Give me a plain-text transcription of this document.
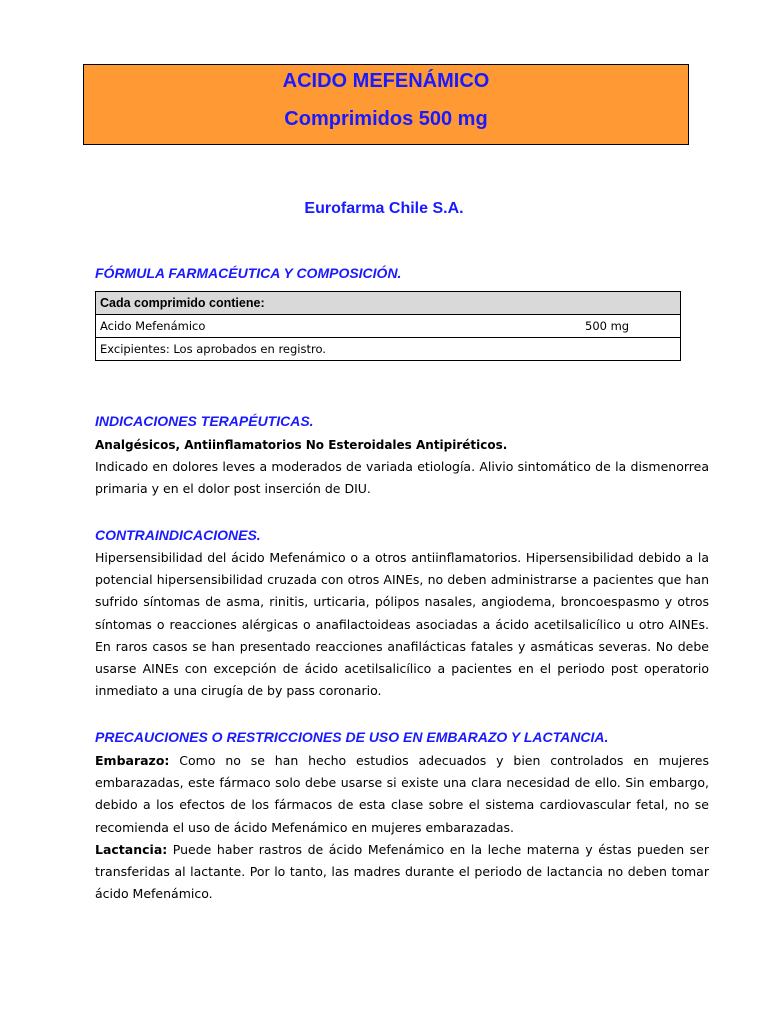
ACIDO MEFENÁMICO
Comprimidos 500 mg
Eurofarma Chile S.A.
FÓRMULA FARMACÉUTICA Y COMPOSICIÓN.
Cada comprimido contiene:

Acido Mefenámico	500 mg

Excipientes: Los aprobados en registro.
INDICACIONES TERAPÉUTICAS.
Analgésicos, Antiinflamatorios No Esteroidales Antipiréticos.

Indicado en dolores leves a moderados de variada etiología. Alivio sintomático de la dismenorrea primaria y en el dolor post inserción de DIU.

CONTRAINDICACIONES.

Hipersensibilidad del ácido Mefenámico o a otros antiinflamatorios. Hipersensibilidad debido a la potencial hipersensibilidad cruzada con otros AINEs, no deben administrarse a pacientes que han sufrido síntomas de asma, rinitis, urticaria, pólipos nasales, angiodema, broncoespasmo y otros síntomas o reacciones alérgicas o anafilactoideas asociadas a ácido acetilsalicílico u otro AINEs. En raros casos se han presentado reacciones anafilácticas fatales y asmáticas severas. No debe usarse AINEs con excepción de ácido acetilsalicílico a pacientes en el periodo post operatorio inmediato a una cirugía de by pass coronario.

PRECAUCIONES O RESTRICCIONES DE USO EN EMBARAZO Y LACTANCIA.

Embarazo: Como no se han hecho estudios adecuados y bien controlados en mujeres embarazadas, este fármaco solo debe usarse si existe una clara necesidad de ello. Sin embargo, debido a los efectos de los fármacos de esta clase sobre el sistema cardiovascular fetal, no se recomienda el uso de ácido Mefenámico en mujeres embarazadas.
Lactancia: Puede haber rastros de ácido Mefenámico en la leche materna y éstas pueden ser transferidas al lactante. Por lo tanto, las madres durante el periodo de lactancia no deben tomar ácido Mefenámico.
